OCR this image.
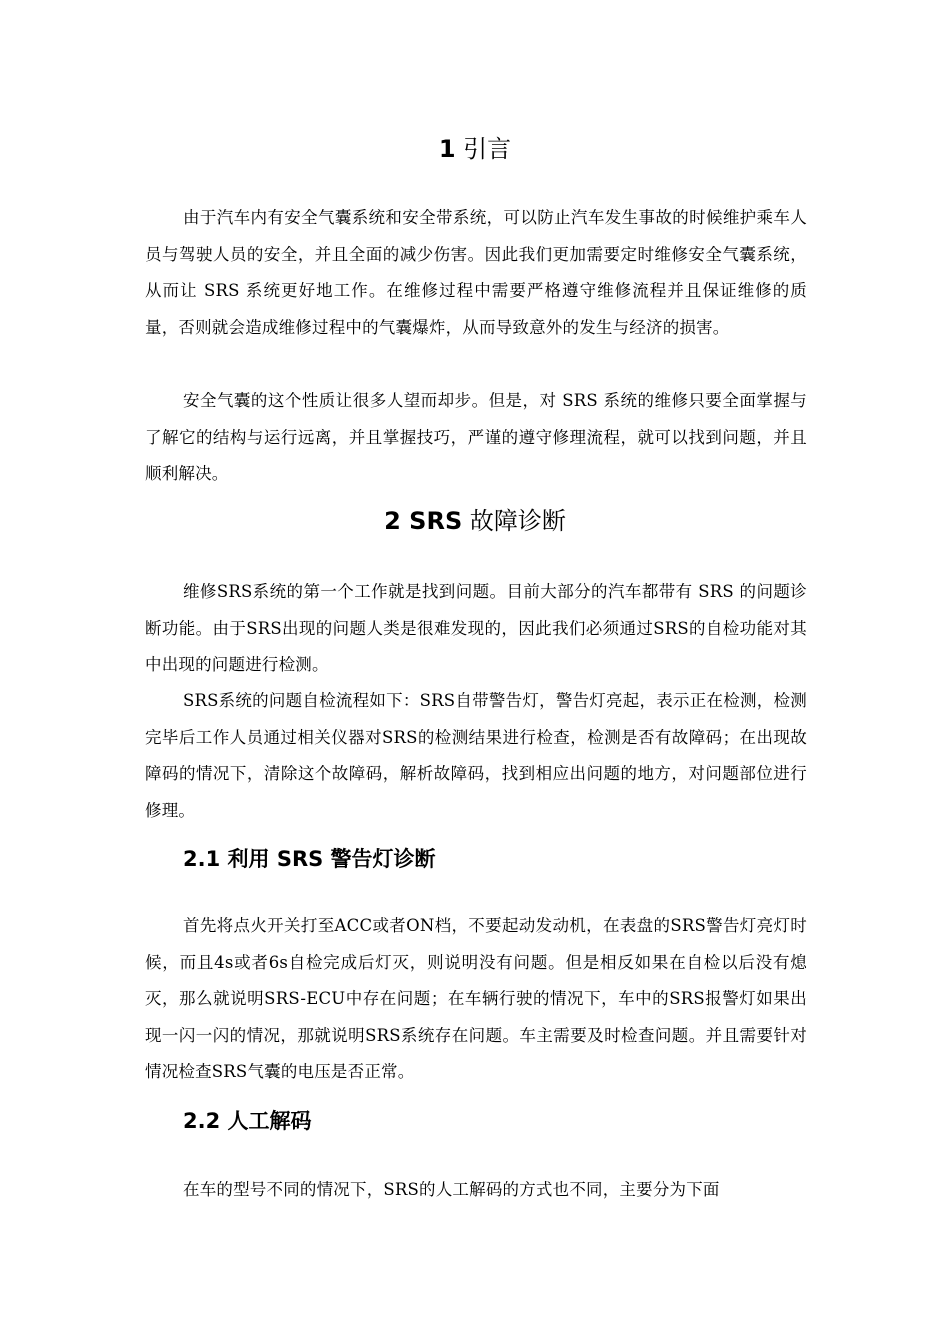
1 引言
由于汽车内有安全气囊系统和安全带系统，可以防止汽车发生事故的时候维护乘车人员与驾驶人员的安全，并且全面的减少伤害。因此我们更加需要定时维修安全气囊系统，从而让 SRS 系统更好地工作。在维修过程中需要严格遵守维修流程并且保证维修的质量，否则就会造成维修过程中的气囊爆炸，从而导致意外的发生与经济的损害。
安全气囊的这个性质让很多人望而却步。但是，对 SRS 系统的维修只要全面掌握与了解它的结构与运行远离，并且掌握技巧，严谨的遵守修理流程，就可以找到问题，并且顺利解决。
2 SRS 故障诊断
维修SRS系统的第一个工作就是找到问题。目前大部分的汽车都带有 SRS 的问题诊断功能。由于SRS出现的问题人类是很难发现的，因此我们必须通过SRS的自检功能对其中出现的问题进行检测。
SRS系统的问题自检流程如下：SRS自带警告灯，警告灯亮起，表示正在检测，检测完毕后工作人员通过相关仪器对SRS的检测结果进行检查，检测是否有故障码；在出现故障码的情况下，清除这个故障码，解析故障码，找到相应出问题的地方，对问题部位进行修理。
2.1 利用 SRS 警告灯诊断
首先将点火开关打至ACC或者ON档，不要起动发动机，在表盘的SRS警告灯亮灯时候，而且4s或者6s自检完成后灯灭，则说明没有问题。但是相反如果在自检以后没有熄灭，那么就说明SRS-ECU中存在问题；在车辆行驶的情况下，车中的SRS报警灯如果出现一闪一闪的情况，那就说明SRS系统存在问题。车主需要及时检查问题。并且需要针对情况检查SRS气囊的电压是否正常。
2.2 人工解码
在车的型号不同的情况下，SRS的人工解码的方式也不同，主要分为下面
